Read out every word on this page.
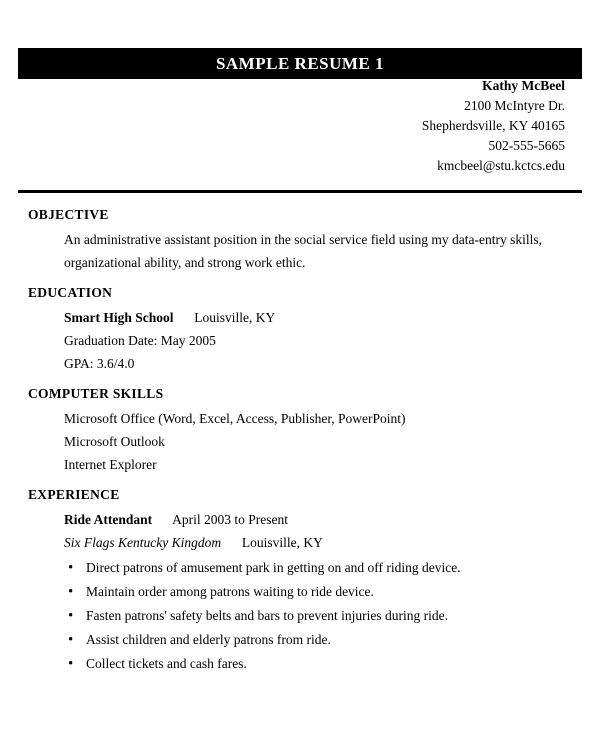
SAMPLE RESUME 1
Kathy McBeel
2100 McIntyre Dr.
Shepherdsville, KY 40165
502-555-5665
kmcbeel@stu.kctcs.edu
OBJECTIVE
An administrative assistant position in the social service field using my data-entry skills,
organizational ability, and strong work ethic.
EDUCATION
Smart High School Louisville, KY
Graduation Date: May 2005
GPA: 3.6/4.0
COMPUTER SKILLS
Microsoft Office (Word, Excel, Access, Publisher, PowerPoint)
Microsoft Outlook
Internet Explorer
EXPERIENCE
Ride Attendant April 2003 to Present
Six Flags Kentucky Kingdom Louisville, KY
• Direct patrons of amusement park in getting on and off riding device.
• Maintain order among patrons waiting to ride device.
• Fasten patrons' safety belts and bars to prevent injuries during ride.
• Assist children and elderly patrons from ride.
• Collect tickets and cash fares.
